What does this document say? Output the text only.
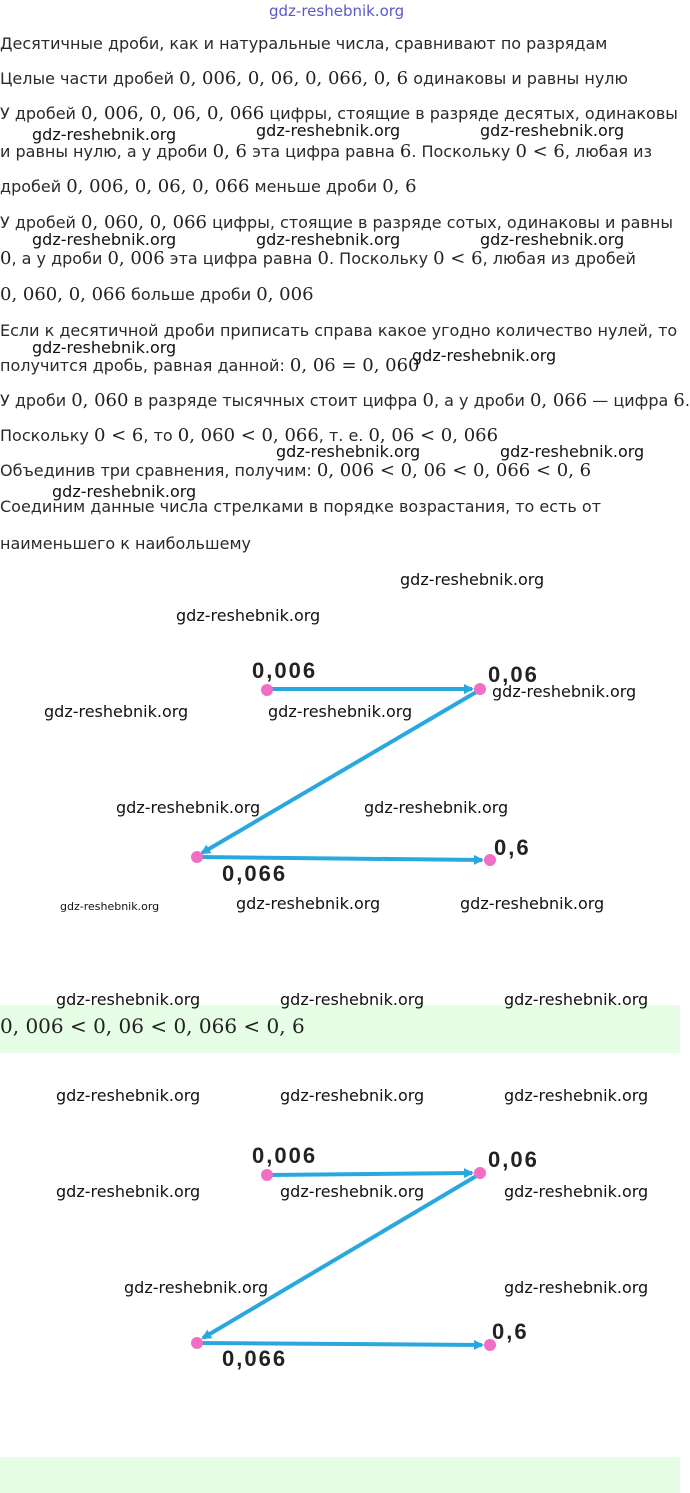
gdz-reshebnik.org
Десятичные дроби, как и натуральные числа, сравнивают по разрядам
Целые части дробей 0, 006, 0, 06, 0, 066, 0, 6 одинаковы и равны нулю
У дробей 0, 006, 0, 06, 0, 066 цифры, стоящие в разряде десятых, одинаковы
и равны нулю, а у дроби 0, 6 эта цифра равна 6. Поскольку 0 < 6, любая из
дробей 0, 006, 0, 06, 0, 066 меньше дроби 0, 6
У дробей 0, 060, 0, 066 цифры, стоящие в разряде сотых, одинаковы и равны
0, а у дроби 0, 006 эта цифра равна 0. Поскольку 0 < 6, любая из дробей
0, 060, 0, 066 больше дроби 0, 006
Если к десятичной дроби приписать справа какое угодно количество нулей, то
получится дробь, равная данной: 0, 06 = 0, 060
У дроби 0, 060 в разряде тысячных стоит цифра 0, а у дроби 0, 066 — цифра 6.
Поскольку 0 < 6, то 0, 060 < 0, 066, т. е. 0, 06 < 0, 066
Объединив три сравнения, получим: 0, 006 < 0, 06 < 0, 066 < 0, 6
Соединим данные числа стрелками в порядке возрастания, то есть от
наименьшего к наибольшему
0,006	0,06
0,066
0,6
0, 006 < 0, 06 < 0, 066 < 0, 6
0,006	0,06
0,066
0,6
gdz-reshebnik.org	gdz-reshebnik.org	gdz-reshebnik.org
gdz-reshebnik.org	gdz-reshebnik.org	gdz-reshebnik.org
gdz-reshebnik.org	gdz-reshebnik.org
gdz-reshebnik.org	gdz-reshebnik.org
gdz-reshebnik.org
gdz-reshebnik.org
gdz-reshebnik.org
gdz-reshebnik.org
gdz-reshebnik.org	gdz-reshebnik.org
gdz-reshebnik.org	gdz-reshebnik.org
gdz-reshebnik.org	gdz-reshebnik.org	gdz-reshebnik.org
gdz-reshebnik.org	gdz-reshebnik.org	gdz-reshebnik.org
gdz-reshebnik.org	gdz-reshebnik.org	gdz-reshebnik.org
gdz-reshebnik.org	gdz-reshebnik.org	gdz-reshebnik.org
gdz-reshebnik.org	gdz-reshebnik.org
